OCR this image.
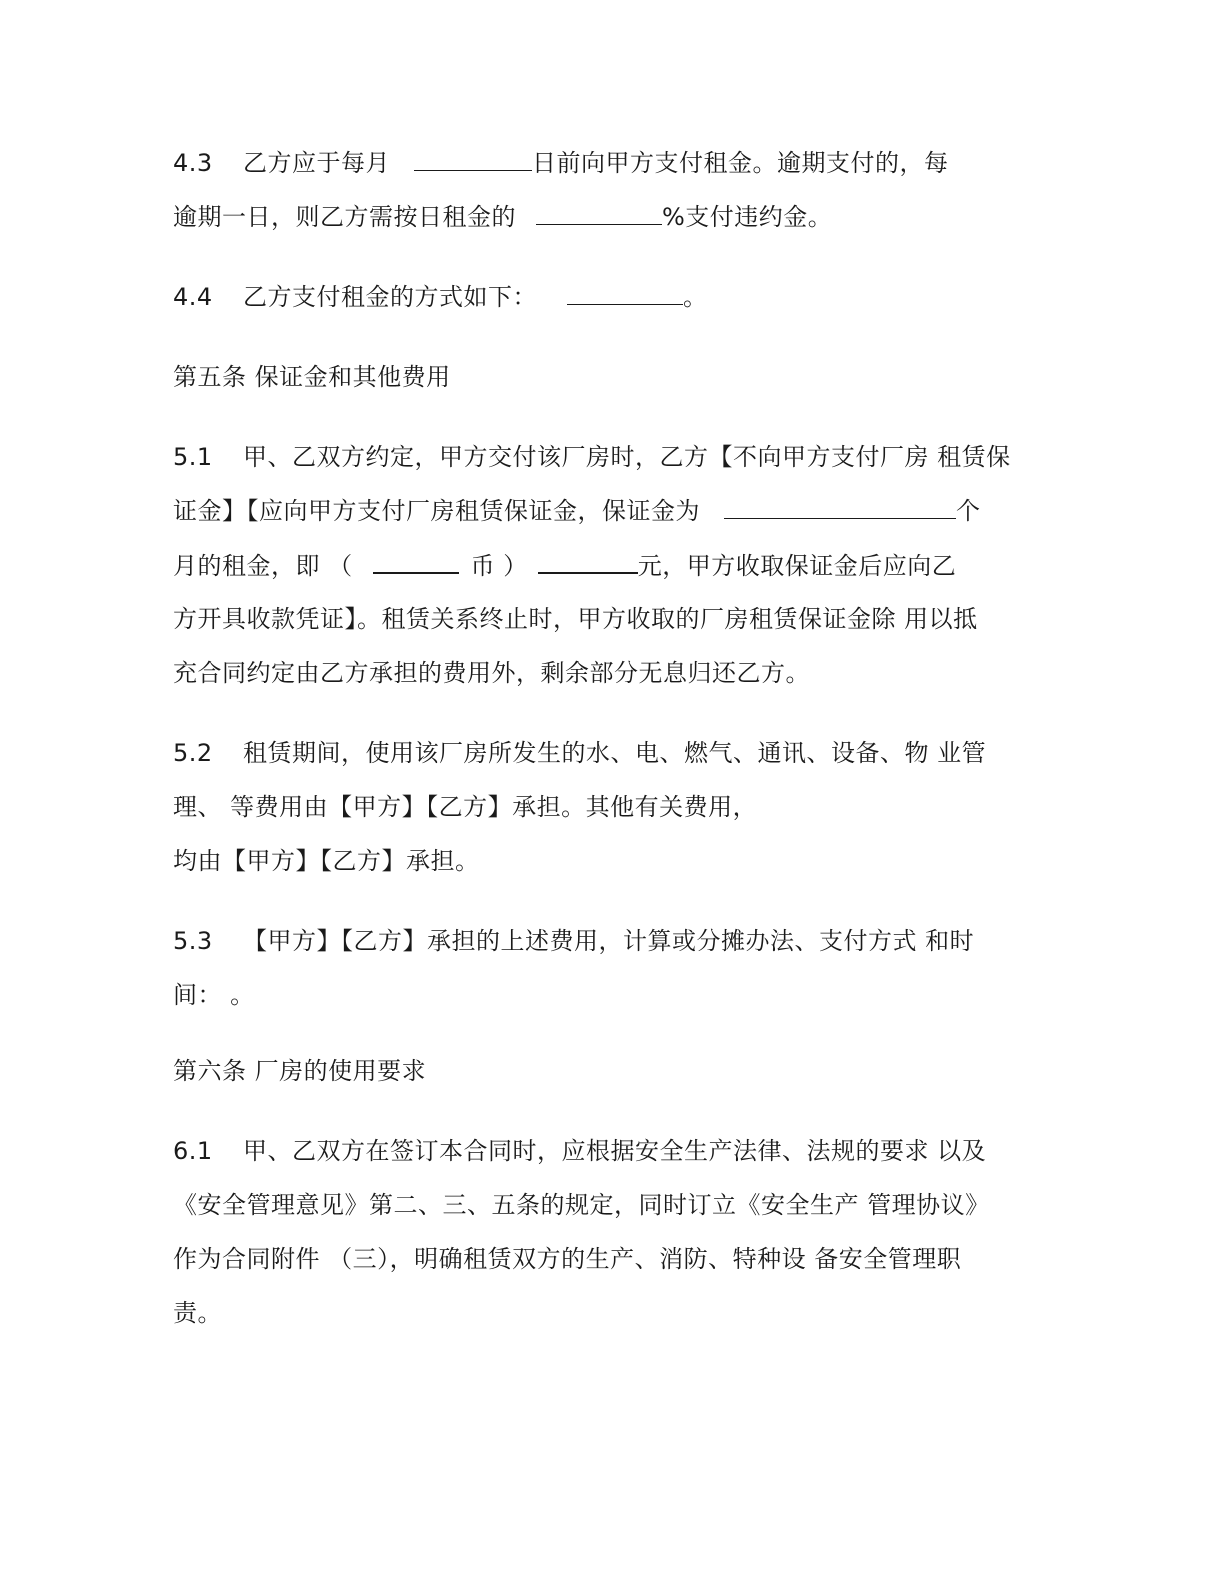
4.3 乙方应于每月	日前向甲方支付租金。逾期支付的，每
逾期一日，则乙方需按日租金的	%支付违约金。
4.4 乙方支付租金的方式如下：	。
第五条 保证金和其他费用
5.1 甲、乙双方约定，甲方交付该厂房时，乙方【不向甲方支付厂房 租赁保
证金】【应向甲方支付厂房租赁保证金，保证金为	个
月的租金，即 （	币 ）	元，甲方收取保证金后应向乙
方开具收款凭证】。租赁关系终止时，甲方收取的厂房租赁保证金除 用以抵
充合同约定由乙方承担的费用外，剩余部分无息归还乙方。
5.2 租赁期间，使用该厂房所发生的水、电、燃气、通讯、设备、物 业管
理、 等费用由【甲方】【乙方】承担。其他有关费用，
均由【甲方】【乙方】承担。
5.3 【甲方】【乙方】承担的上述费用，计算或分摊办法、支付方式 和时
间： 。
第六条 厂房的使用要求
6.1 甲、乙双方在签订本合同时，应根据安全生产法律、法规的要求 以及
《安全管理意见》第二、三、五条的规定，同时订立《安全生产 管理协议》
作为合同附件 （三），明确租赁双方的生产、消防、特种设 备安全管理职
责。
